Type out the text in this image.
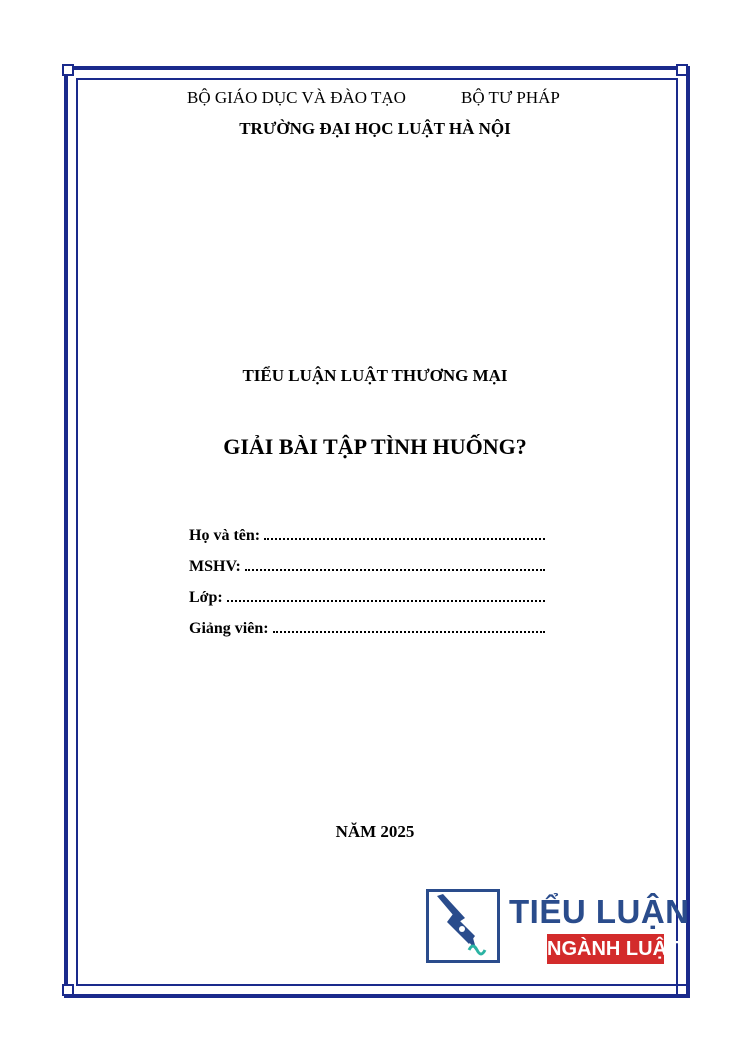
BỘ GIÁO DỤC VÀ ĐÀO TẠO	BỘ TƯ PHÁP
TRƯỜNG ĐẠI HỌC LUẬT HÀ NỘI
TIỂU LUẬN LUẬT THƯƠNG MẠI
GIẢI BÀI TẬP TÌNH HUỐNG?
Họ và tên:
MSHV:
Lớp:
Giảng viên:
NĂM 2025
TIỂU LUẬN
NGÀNH LUẬT
